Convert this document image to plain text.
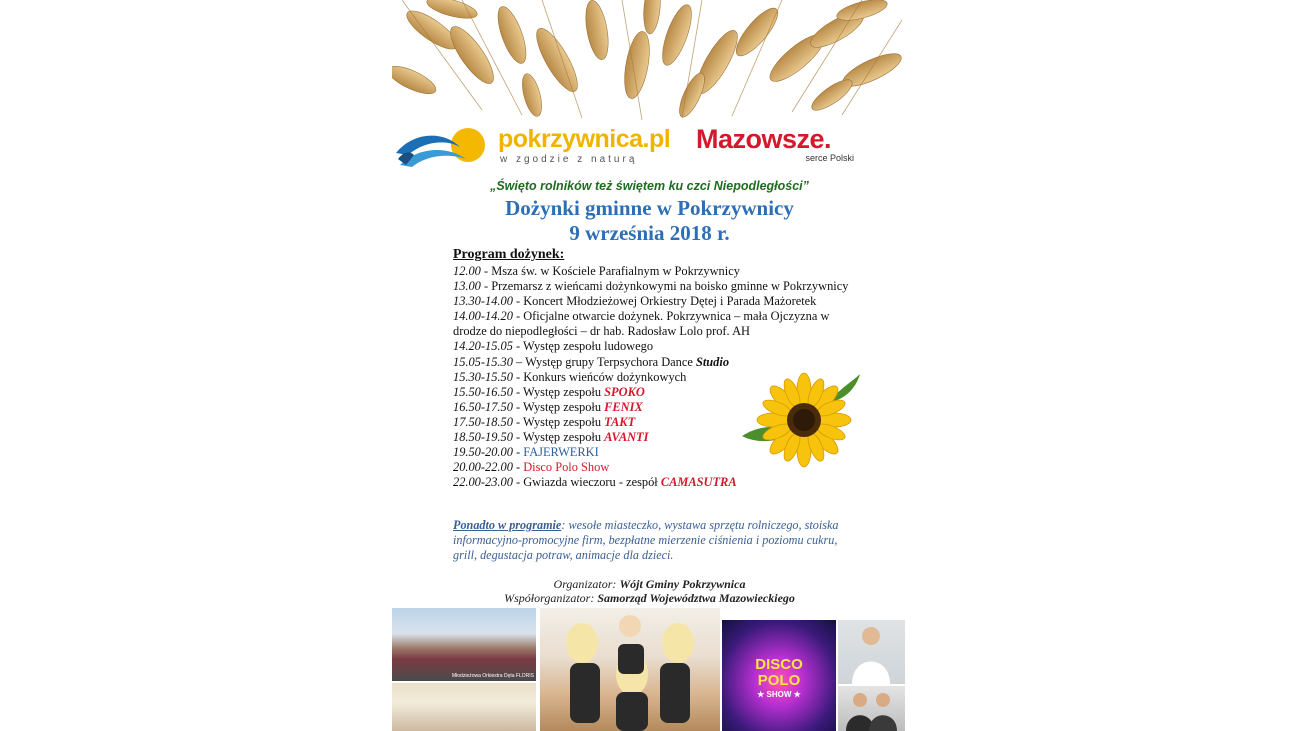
pokrzywnica.pl
w zgodzie z naturą
Mazowsze.
serce Polski
„Święto rolników też świętem ku czci Niepodległości”
Dożynki gminne w Pokrzywnicy
9 września 2018 r.
Program dożynek:
12.00 - Msza św. w Kościele Parafialnym w Pokrzywnicy
13.00 - Przemarsz z wieńcami dożynkowymi na boisko gminne w Pokrzywnicy
13.30-14.00 - Koncert Młodzieżowej Orkiestry Dętej i Parada Mażoretek
14.00-14.20 - Oficjalne otwarcie dożynek. Pokrzywnica – mała Ojczyzna w drodze do niepodległości – dr hab. Radosław Lolo prof. AH
14.20-15.05 - Występ zespołu ludowego
15.05-15.30 – Występ grupy Terpsychora Dance Studio
15.30-15.50 - Konkurs wieńców dożynkowych
15.50-16.50 - Występ zespołu SPOKO
16.50-17.50 - Występ zespołu FENIX
17.50-18.50 - Występ zespołu TAKT
18.50-19.50 - Występ zespołu AVANTI
19.50-20.00 - FAJERWERKI
20.00-22.00 - Disco Polo Show
22.00-23.00 - Gwiazda wieczoru - zespół CAMASUTRA
Ponadto w programie: wesołe miasteczko, wystawa sprzętu rolniczego, stoiska informacyjno-promocyjne firm, bezpłatne mierzenie ciśnienia i poziomu cukru, grill, degustacja potraw, animacje dla dzieci.
Organizator: Wójt Gminy Pokrzywnica
Współorganizator: Samorząd Województwa Mazowieckiego
Młodzieżowa Orkiestra Dęta FLORIS
DISCO
POLO
★ SHOW ★
